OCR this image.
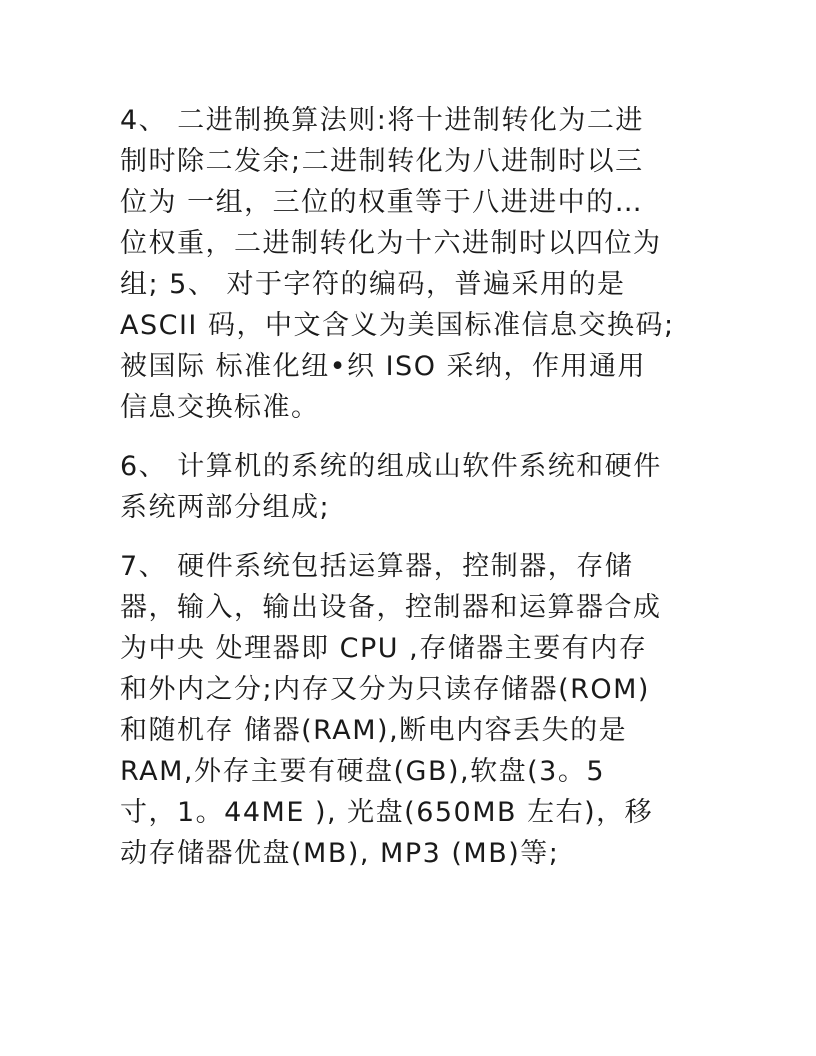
4、 二进制换算法则:将十进制转化为二进
制时除二发余;二进制转化为八进制时以三
位为 一组，三位的权重等于八进进中的…
位权重，二进制转化为十六进制时以四位为
组; 5、 对于字符的编码，普遍采用的是
ASCII 码，中文含义为美国标准信息交换码;
被国际 标准化纽•织 ISO 采纳，作用通用
信息交换标准。
6、 计算机的系统的组成山软件系统和硬件
系统两部分组成;
7、 硬件系统包括运算器，控制器，存储
器，输入，输出设备，控制器和运算器合成
为中央 处理器即 CPU ,存储器主要有内存
和外内之分;内存又分为只读存储器(ROM)
和随机存 储器(RAM),断电内容丢失的是
RAM,外存主要有硬盘(GB),软盘(3。5
寸，1。44ME ), 光盘(650MB 左右)，移
动存储器优盘(MB), MP3 (MB)等;
